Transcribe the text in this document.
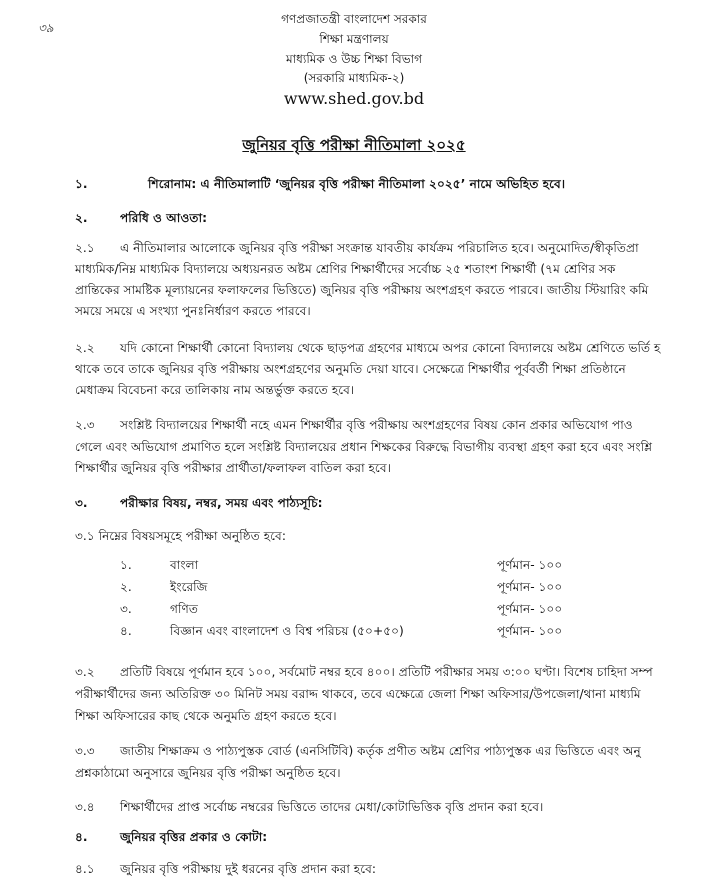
৩৯
গণপ্রজাতন্ত্রী বাংলাদেশ সরকার
শিক্ষা মন্ত্রণালয়
মাধ্যমিক ও উচ্চ শিক্ষা বিভাগ
(সরকারি মাধ্যমিক-২)
www.shed.gov.bd
জুনিয়র বৃত্তি পরীক্ষা নীতিমালা ২০২৫
১.	শিরোনাম: এ নীতিমালাটি ‘জুনিয়র বৃত্তি পরীক্ষা নীতিমালা ২০২৫’ নামে অভিহিত হবে।
২.	পরিধি ও আওতা:
২.১ এ নীতিমালার আলোকে জুনিয়র বৃত্তি পরীক্ষা সংক্রান্ত যাবতীয় কার্যক্রম পরিচালিত হবে। অনুমোদিত/স্বীকৃতিপ্রা
মাধ্যমিক/নিম্ন মাধ্যমিক বিদ্যালয়ে অধ্যয়নরত অষ্টম শ্রেণির শিক্ষার্থীদের সর্বোচ্চ ২৫ শতাংশ শিক্ষার্থী (৭ম শ্রেণির সক
প্রান্তিকের সামষ্টিক মূল্যায়নের ফলাফলের ভিত্তিতে) জুনিয়র বৃত্তি পরীক্ষায় অংশগ্রহণ করতে পারবে। জাতীয় স্টিয়ারিং কমি
সময়ে সময়ে এ সংখ্যা পুনঃনির্ধারণ করতে পারবে।
২.২ যদি কোনো শিক্ষার্থী কোনো বিদ্যালয় থেকে ছাড়পত্র গ্রহণের মাধ্যমে অপর কোনো বিদ্যালয়ে অষ্টম শ্রেণিতে ভর্তি হ
থাকে তবে তাকে জুনিয়র বৃত্তি পরীক্ষায় অংশগ্রহণের অনুমতি দেয়া যাবে। সেক্ষেত্রে শিক্ষার্থীর পূর্ববর্তী শিক্ষা প্রতিষ্ঠানে
মেধাক্রম বিবেচনা করে তালিকায় নাম অন্তর্ভুক্ত করতে হবে।
২.৩ সংশ্লিষ্ট বিদ্যালয়ের শিক্ষার্থী নহে এমন শিক্ষার্থীর বৃত্তি পরীক্ষায় অংশগ্রহণের বিষয় কোন প্রকার অভিযোগ পাও
গেলে এবং অভিযোগ প্রমাণিত হলে সংশ্লিষ্ট বিদ্যালয়ের প্রধান শিক্ষকের বিরুদ্ধে বিভাগীয় ব্যবস্থা গ্রহণ করা হবে এবং সংশ্লি
শিক্ষার্থীর জুনিয়র বৃত্তি পরীক্ষার প্রার্থীতা/ফলাফল বাতিল করা হবে।
৩.	পরীক্ষার বিষয়, নম্বর, সময় এবং পাঠ্যসূচি:
৩.১ নিম্নের বিষয়সমূহে পরীক্ষা অনুষ্ঠিত হবে:
১.	বাংলা	পূর্ণমান- ১০০
২.	ইংরেজি	পূর্ণমান- ১০০
৩.	গণিত	পূর্ণমান- ১০০
৪.	বিজ্ঞান এবং বাংলাদেশ ও বিশ্ব পরিচয় (৫০+৫০)	পূর্ণমান- ১০০
৩.২ প্রতিটি বিষয়ে পূর্ণমান হবে ১০০, সর্বমোট নম্বর হবে ৪০০। প্রতিটি পরীক্ষার সময় ৩:০০ ঘণ্টা। বিশেষ চাহিদা সম্প
পরীক্ষার্থীদের জন্য অতিরিক্ত ৩০ মিনিট সময় বরাদ্দ থাকবে, তবে এক্ষেত্রে জেলা শিক্ষা অফিসার/উপজেলা/থানা মাধ্যমি
শিক্ষা অফিসারের কাছ থেকে অনুমতি গ্রহণ করতে হবে।
৩.৩ জাতীয় শিক্ষাক্রম ও পাঠ্যপুস্তক বোর্ড (এনসিটিবি) কর্তৃক প্রণীত অষ্টম শ্রেণির পাঠ্যপুস্তক এর ভিত্তিতে এবং অনু
প্রশ্নকাঠামো অনুসারে জুনিয়র বৃত্তি পরীক্ষা অনুষ্ঠিত হবে।
৩.৪ শিক্ষার্থীদের প্রাপ্ত সর্বোচ্চ নম্বরের ভিত্তিতে তাদের মেধা/কোটাভিত্তিক বৃত্তি প্রদান করা হবে।
৪.	জুনিয়র বৃত্তির প্রকার ও কোটা:
৪.১ জুনিয়র বৃত্তি পরীক্ষায় দুই ধরনের বৃত্তি প্রদান করা হবে:
